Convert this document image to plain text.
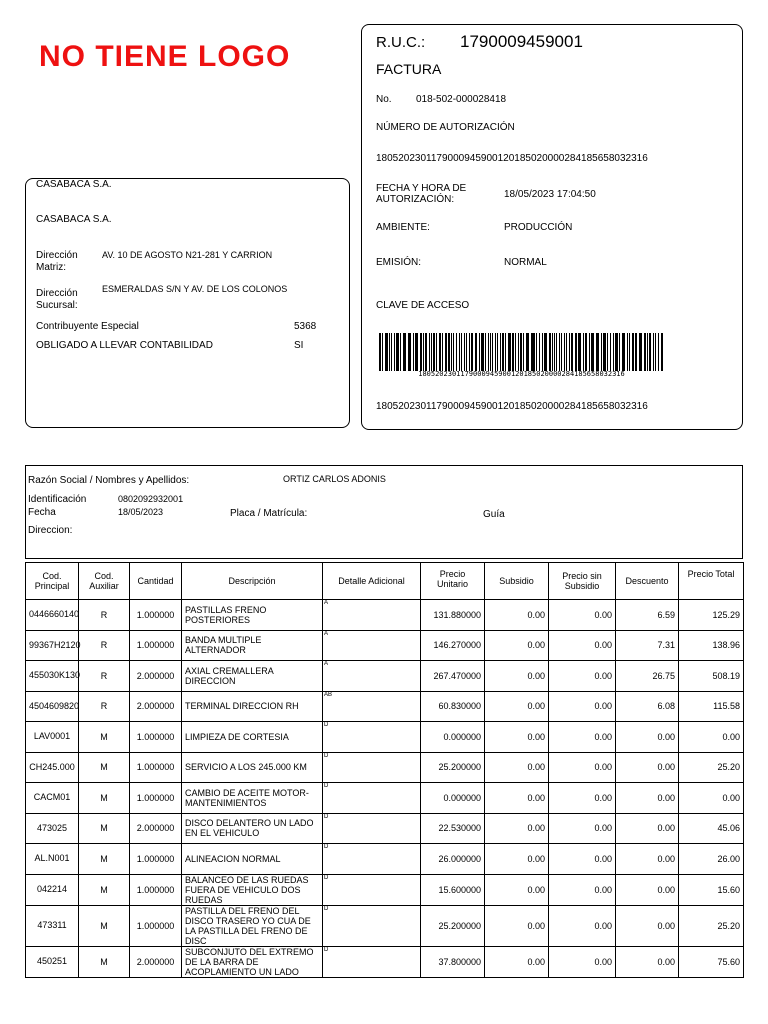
NO TIENE LOGO
CASABACA S.A.
CASABACA S.A.
Dirección Matriz:
AV. 10 DE AGOSTO N21-281 Y CARRION
Dirección Sucursal:
ESMERALDAS S/N Y AV. DE LOS COLONOS
Contribuyente Especial	5368
OBLIGADO A LLEVAR CONTABILIDAD	SI
R.U.C.: 1790009459001
FACTURA
No. 018-502-000028418
NÚMERO DE AUTORIZACIÓN
1805202301179000945900120185020000284185658032316
FECHA Y HORA DE AUTORIZACIÓN:	18/05/2023 17:04:50
AMBIENTE:	PRODUCCIÓN
EMISIÓN:	NORMAL
CLAVE DE ACCESO
1805202301179000945900120185020000284185658032316
1805202301179000945900120185020000284185658032316
Razón Social / Nombres y Apellidos:	ORTIZ CARLOS ADONIS
Identificación	0802092932001
Fecha	18/05/2023	Placa / Matrícula:	Guía
Direccion:
Cod. Principal	Cod. Auxiliar	Cantidad	Descripción	Detalle Adicional	Precio Unitario	Subsidio	Precio sin Subsidio	Descuento	Precio Total
0446660140	R	1.000000	PASTILLAS FRENO POSTERIORES	A	131.880000	0.00	0.00	6.59	125.29
99367H2120	R	1.000000	BANDA MULTIPLE ALTERNADOR	A	146.270000	0.00	0.00	7.31	138.96
455030K130	R	2.000000	AXIAL CREMALLERA DIRECCION	A	267.470000	0.00	0.00	26.75	508.19
4504609820	R	2.000000	TERMINAL DIRECCION RH	AB	60.830000	0.00	0.00	6.08	115.58
LAV0001	M	1.000000	LIMPIEZA DE CORTESIA	D	0.000000	0.00	0.00	0.00	0.00
CH245.000	M	1.000000	SERVICIO A LOS 245.000 KM	D	25.200000	0.00	0.00	0.00	25.20
CACM01	M	1.000000	CAMBIO DE ACEITE MOTOR-MANTENIMIENTOS	D	0.000000	0.00	0.00	0.00	0.00
473025	M	2.000000	DISCO DELANTERO UN LADO EN EL VEHICULO	D	22.530000	0.00	0.00	0.00	45.06
AL.N001	M	1.000000	ALINEACION NORMAL	D	26.000000	0.00	0.00	0.00	26.00
042214	M	1.000000	BALANCEO DE LAS RUEDAS FUERA DE VEHICULO DOS RUEDAS	D	15.600000	0.00	0.00	0.00	15.60
473311	M	1.000000	PASTILLA DEL FRENO DEL DISCO TRASERO YO CUA DE LA PASTILLA DEL FRENO DE DISC	D	25.200000	0.00	0.00	0.00	25.20
450251	M	2.000000	SUBCONJUTO DEL EXTREMO DE LA BARRA DE ACOPLAMIENTO UN LADO	D	37.800000	0.00	0.00	0.00	75.60
